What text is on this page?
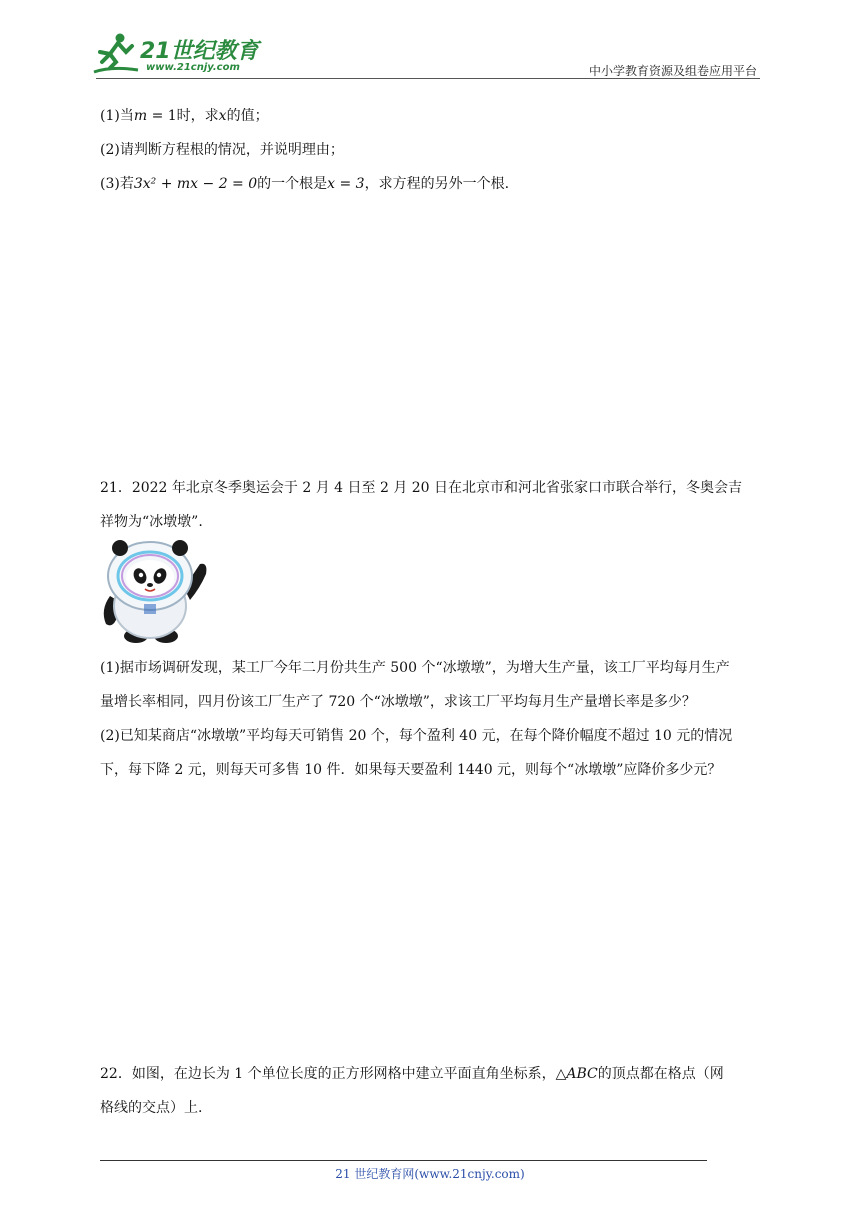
21世纪教育
www.21cnjy.com	中小学教育资源及组卷应用平台
(1)当m = 1时，求x的值；
(2)请判断方程根的情况，并说明理由；
(3)若3x² + mx − 2 = 0的一个根是x = 3，求方程的另外一个根.
21．2022 年北京冬季奥运会于 2 月 4 日至 2 月 20 日在北京市和河北省张家口市联合举行，冬奥会吉
祥物为“冰墩墩”.
(1)据市场调研发现，某工厂今年二月份共生产 500 个“冰墩墩”，为增大生产量，该工厂平均每月生产
量增长率相同，四月份该工厂生产了 720 个“冰墩墩”，求该工厂平均每月生产量增长率是多少？
(2)已知某商店“冰墩墩”平均每天可销售 20 个，每个盈利 40 元，在每个降价幅度不超过 10 元的情况
下，每下降 2 元，则每天可多售 10 件．如果每天要盈利 1440 元，则每个“冰墩墩”应降价多少元？
22．如图，在边长为 1 个单位长度的正方形网格中建立平面直角坐标系，△ABC的顶点都在格点（网
格线的交点）上.
21 世纪教育网(www.21cnjy.com)
